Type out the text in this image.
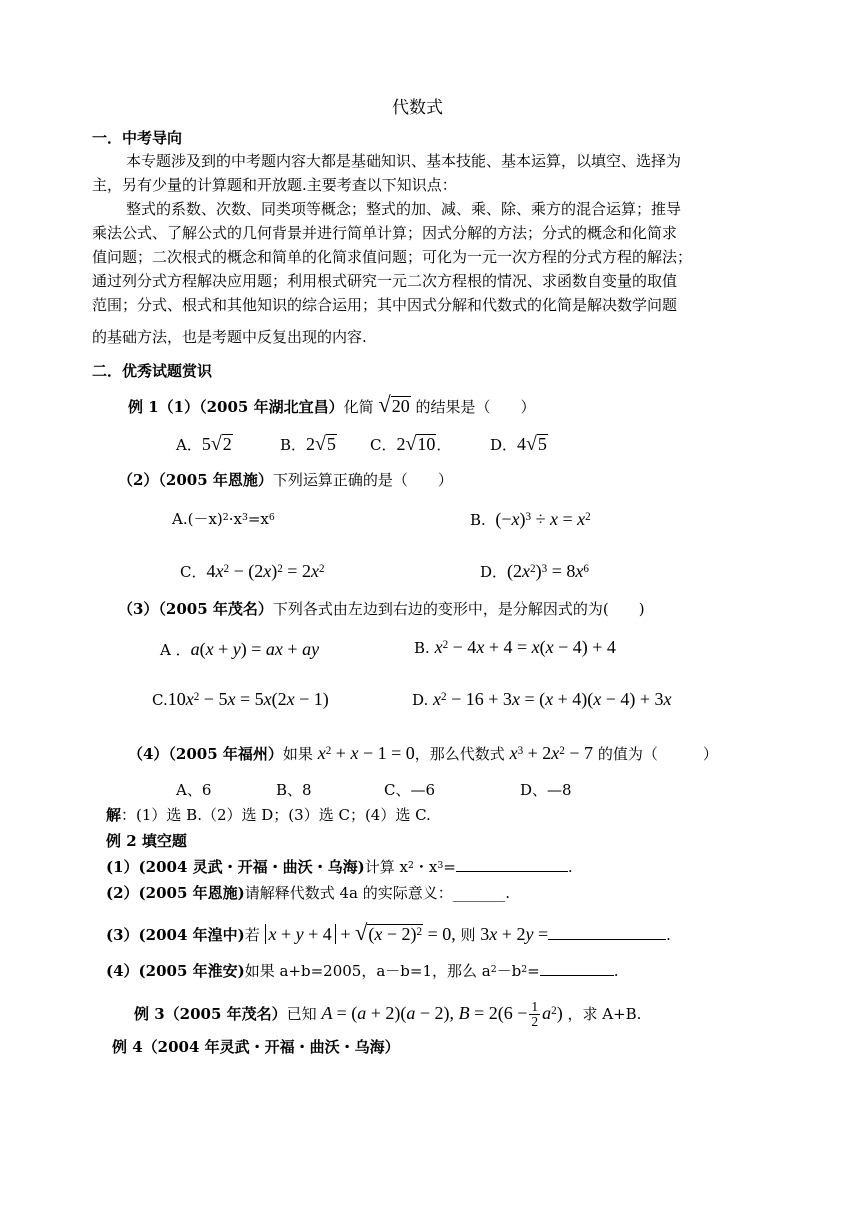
代数式
一．中考导向
本专题涉及到的中考题内容大都是基础知识、基本技能、基本运算，以填空、选择为
主，另有少量的计算题和开放题.主要考查以下知识点：
整式的系数、次数、同类项等概念；整式的加、减、乘、除、乘方的混合运算；推导
乘法公式、了解公式的几何背景并进行简单计算；因式分解的方法；分式的概念和化简求
值问题；二次根式的概念和简单的化简求值问题；可化为一元一次方程的分式方程的解法；
通过列分式方程解决应用题；利用根式研究一元二次方程根的情况、求函数自变量的取值
范围；分式、根式和其他知识的综合运用；其中因式分解和代数式的化简是解决数学问题
的基础方法，也是考题中反复出现的内容.
二．优秀试题赏识
例 1（1）（2005 年湖北宜昌）化简 √20 的结果是（　　）
A．5√2	B．2√5 C．2√10．	D．4√5
（2）（2005 年恩施）下列运算正确的是（　　）
$A.(-x)^2\cdot x^3=x^6$	B. $(-x)^3 \div x = x^2$
C．$4x^2 - (2x)^2 = 2x^2$	D．$(2x^2)^3 = 8x^6$
（3）（2005 年茂名）下列各式由左边到右边的变形中，是分解因式的为(　　)
A ．a(x + y) = ax + ay	B. $x^2 - 4x + 4 = x(x - 4) + 4$
$C.10x^2 - 5x = 5x(2x - 1)$	D. $x^2 - 16 + 3x = (x + 4)(x - 4) + 3x$
（4）（2005 年福州）如果 $x^2 + x - 1 = 0$，那么代数式 $x^3 + 2x^2 - 7$ 的值为（　　　）
A、6	B、8	C、—6	D、—8
解：(1）选 B.（2）选 D；(3）选 C；(4）选 C.
例 2 填空题
(1）(2004 灵武・开福・曲沃・乌海)计算 $x^2$・$x^3=$	.
(2）(2005 年恩施)请解释代数式 4a 的实际意义：_______.
(3）(2004 年湟中)若 $x + y + 4 + √(x - 2)^2 = 0$, 则 3x + 2y =	.
(4）(2005 年淮安)如果 a+b=2005，a－b=1，那么 $a^2-b^2=$	.
例 3（2005 年茂名）已知 A = (a + 2)(a − 2), $B = 2(6 - \frac{1}{2} a^2)$ ，求 A+B.
例 4（2004 年灵武・开福・曲沃・乌海）
